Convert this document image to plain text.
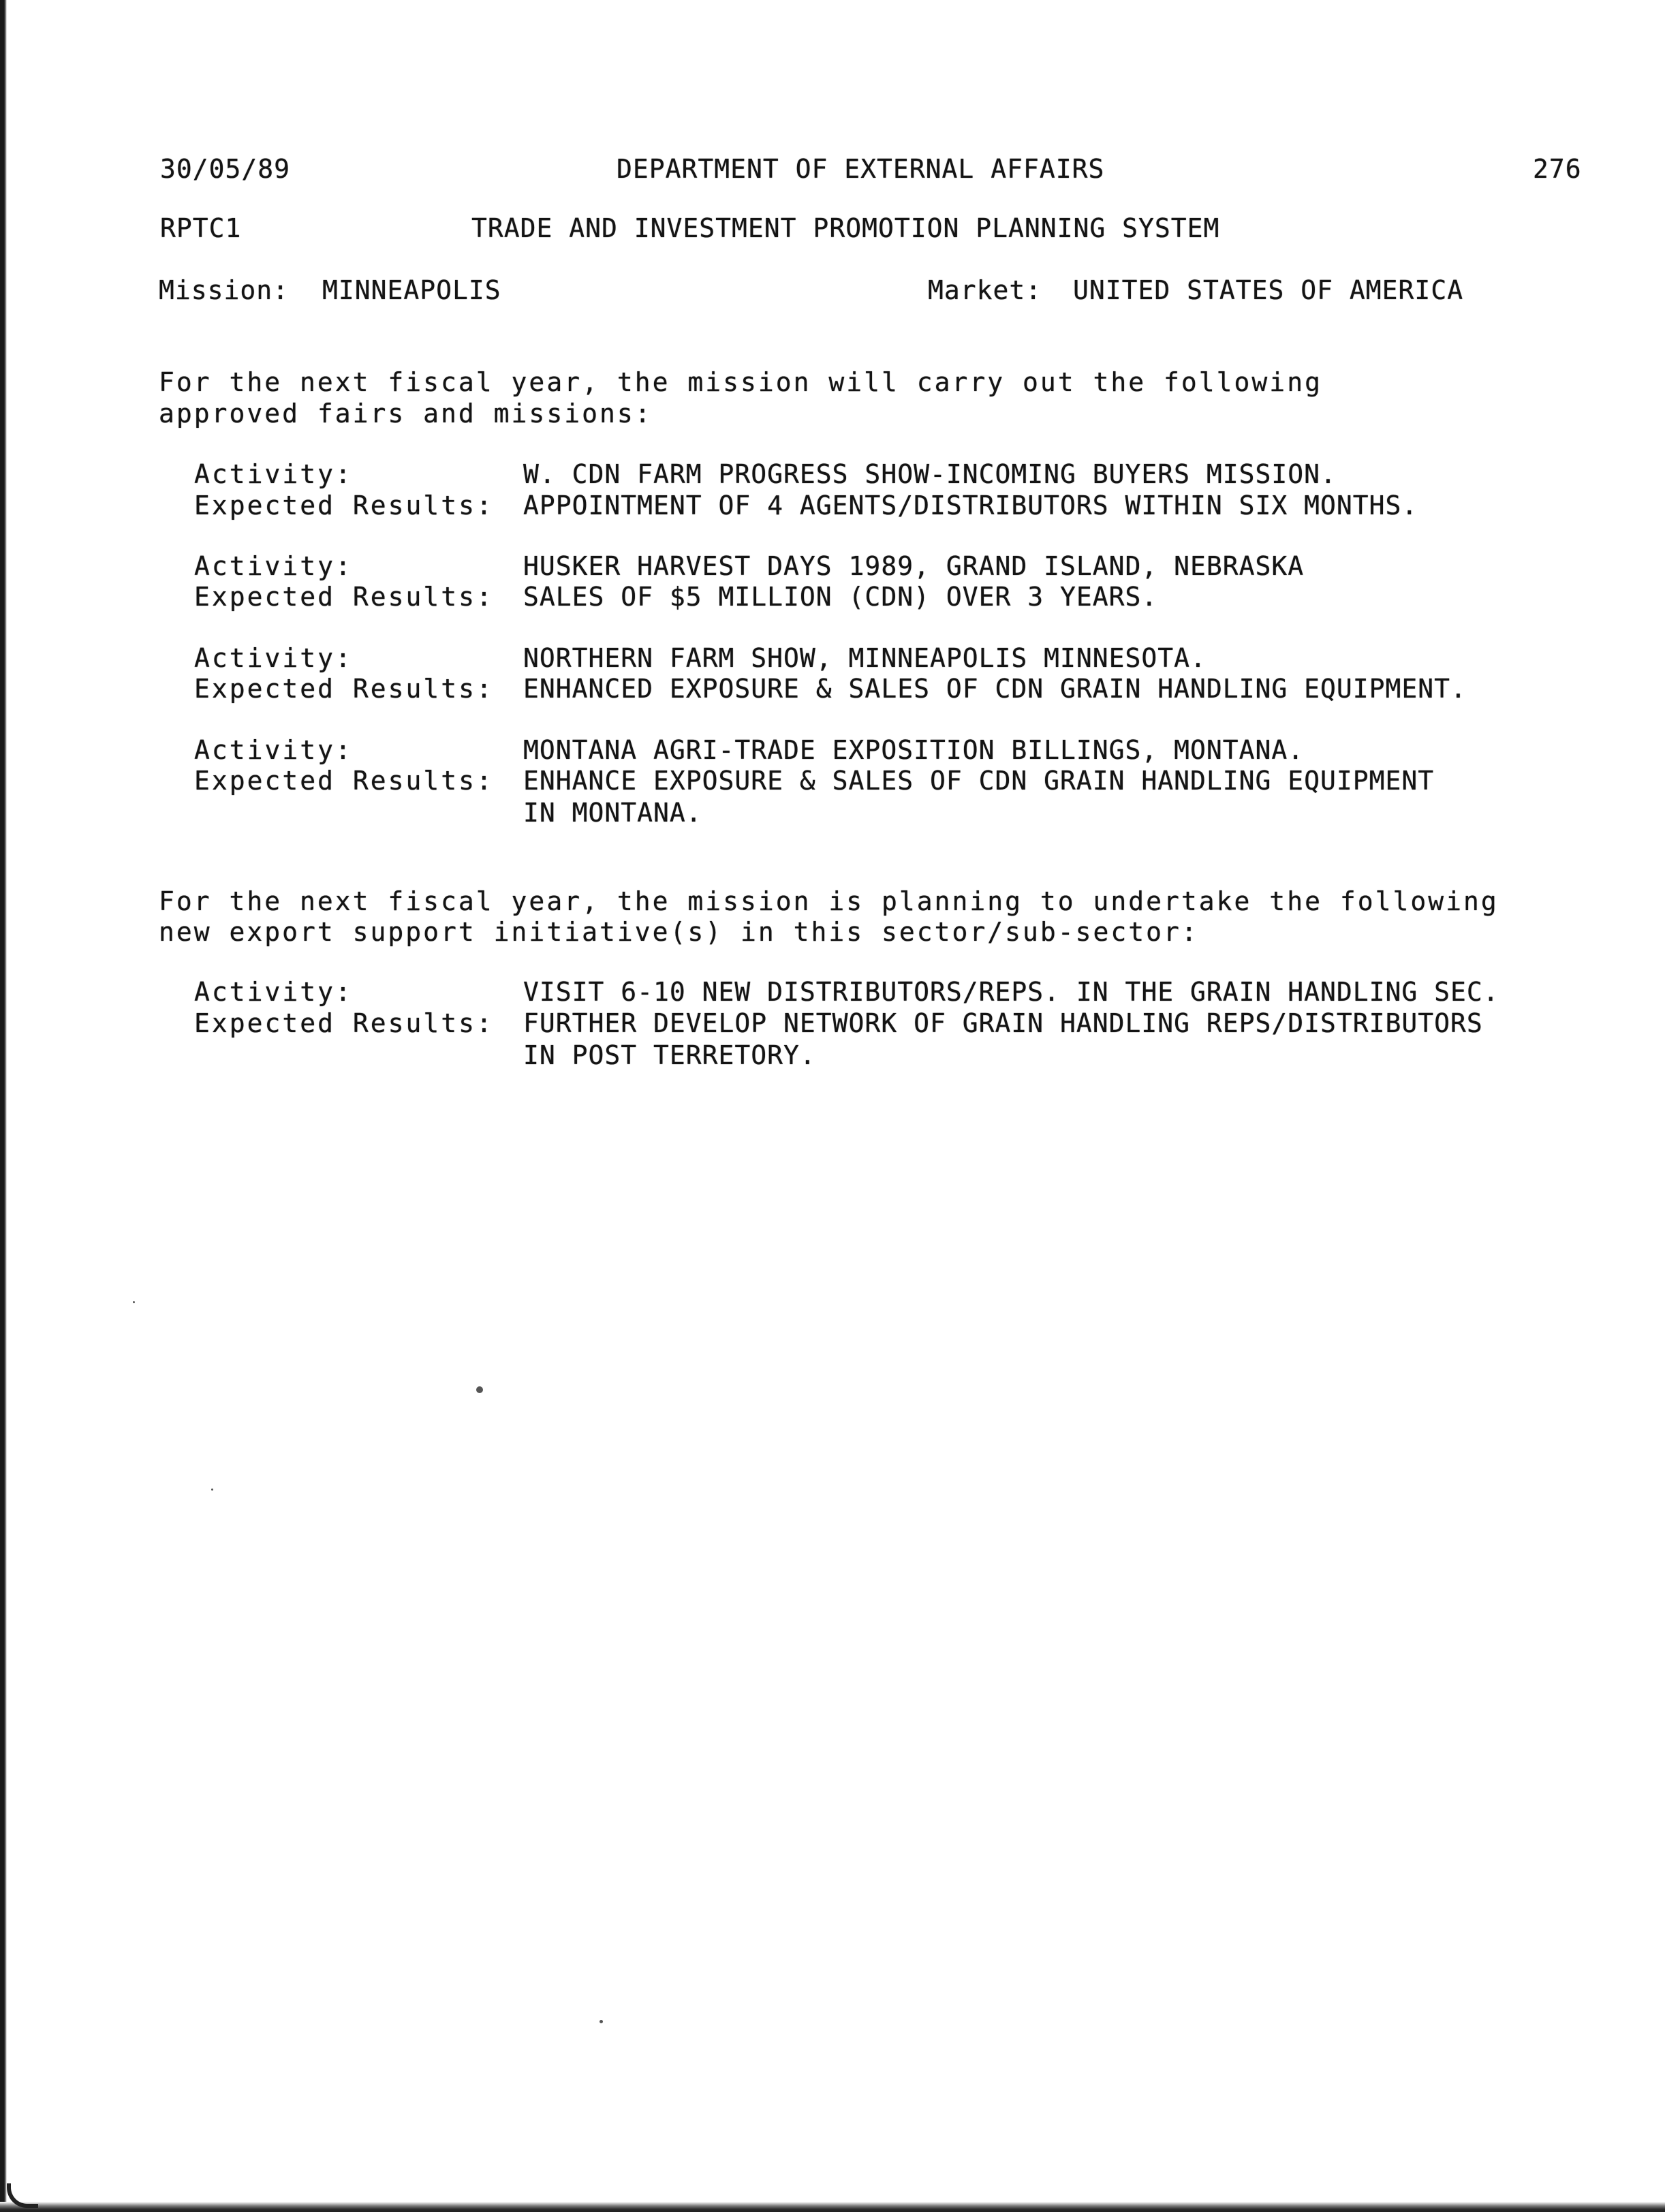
30/05/89	DEPARTMENT OF EXTERNAL AFFAIRS	276
RPTC1	TRADE AND INVESTMENT PROMOTION PLANNING SYSTEM
Mission: MINNEAPOLIS	Market: UNITED STATES OF AMERICA
For the next fiscal year, the mission will carry out the following
approved fairs and missions:
Activity:	W. CDN FARM PROGRESS SHOW-INCOMING BUYERS MISSION.
Expected Results: APPOINTMENT OF 4 AGENTS/DISTRIBUTORS WITHIN SIX MONTHS.
Activity:	HUSKER HARVEST DAYS 1989, GRAND ISLAND, NEBRASKA
Expected Results: SALES OF $5 MILLION (CDN) OVER 3 YEARS.
Activity:	NORTHERN FARM SHOW, MINNEAPOLIS MINNESOTA.
Expected Results: ENHANCED EXPOSURE & SALES OF CDN GRAIN HANDLING EQUIPMENT.
Activity:	MONTANA AGRI-TRADE EXPOSITION BILLINGS, MONTANA.
Expected Results: ENHANCE EXPOSURE & SALES OF CDN GRAIN HANDLING EQUIPMENT
IN MONTANA.
For the next fiscal year, the mission is planning to undertake the following
new export support initiative(s) in this sector/sub-sector:
Activity:	VISIT 6-10 NEW DISTRIBUTORS/REPS. IN THE GRAIN HANDLING SEC.
Expected Results: FURTHER DEVELOP NETWORK OF GRAIN HANDLING REPS/DISTRIBUTORS
IN POST TERRETORY.
